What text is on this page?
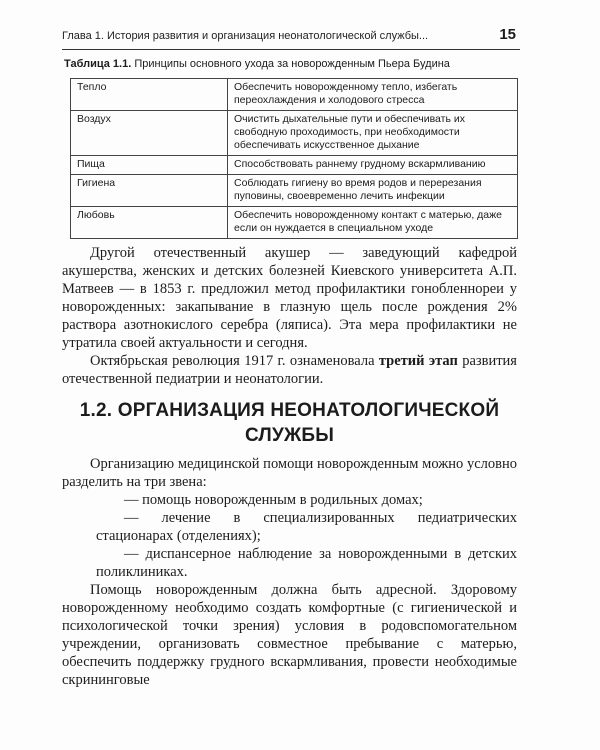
Глава 1. История развития и организация неонатологической службы...	15
Таблица 1.1. Принципы основного ухода за новорожденным Пьера Будина
Тепло	Обеспечить новорожденному тепло, избегать переохлаждения и холодового стресса
Воздух	Очистить дыхательные пути и обеспечивать их свободную проходимость, при необходимости обеспечивать искусственное дыхание
Пища	Способствовать раннему грудному вскармливанию
Гигиена	Соблюдать гигиену во время родов и перерезания пуповины, своевременно лечить инфекции
Любовь	Обеспечить новорожденному контакт с матерью, даже если он нуждается в специальном уходе

Другой отечественный акушер — заведующий кафедрой акушерства, женских и детских болезней Киевского университета А.П. Матвеев — в 1853 г. предложил метод профилактики гонобленнореи у новорожденных: закапывание в глазную щель после рождения 2% раствора азотнокислого серебра (ляписа). Эта мера профилактики не утратила своей актуальности и сегодня.

Октябрьская революция 1917 г. ознаменовала третий этап развития отечественной педиатрии и неонатологии.

1.2. ОРГАНИЗАЦИЯ НЕОНАТОЛОГИЧЕСКОЙ
СЛУЖБЫ

Организацию медицинской помощи новорожденным можно условно разделить на три звена:

— помощь новорожденным в родильных домах;

— лечение в специализированных педиатрических стационарах (отделениях);

— диспансерное наблюдение за новорожденными в детских поликлиниках.

Помощь новорожденным должна быть адресной. Здоровому новорожденному необходимо создать комфортные (с гигиенической и психологической точки зрения) условия в родовспомогательном учреждении, организовать совместное пребывание с матерью, обеспечить поддержку грудного вскармливания, провести необходимые скрининговые
